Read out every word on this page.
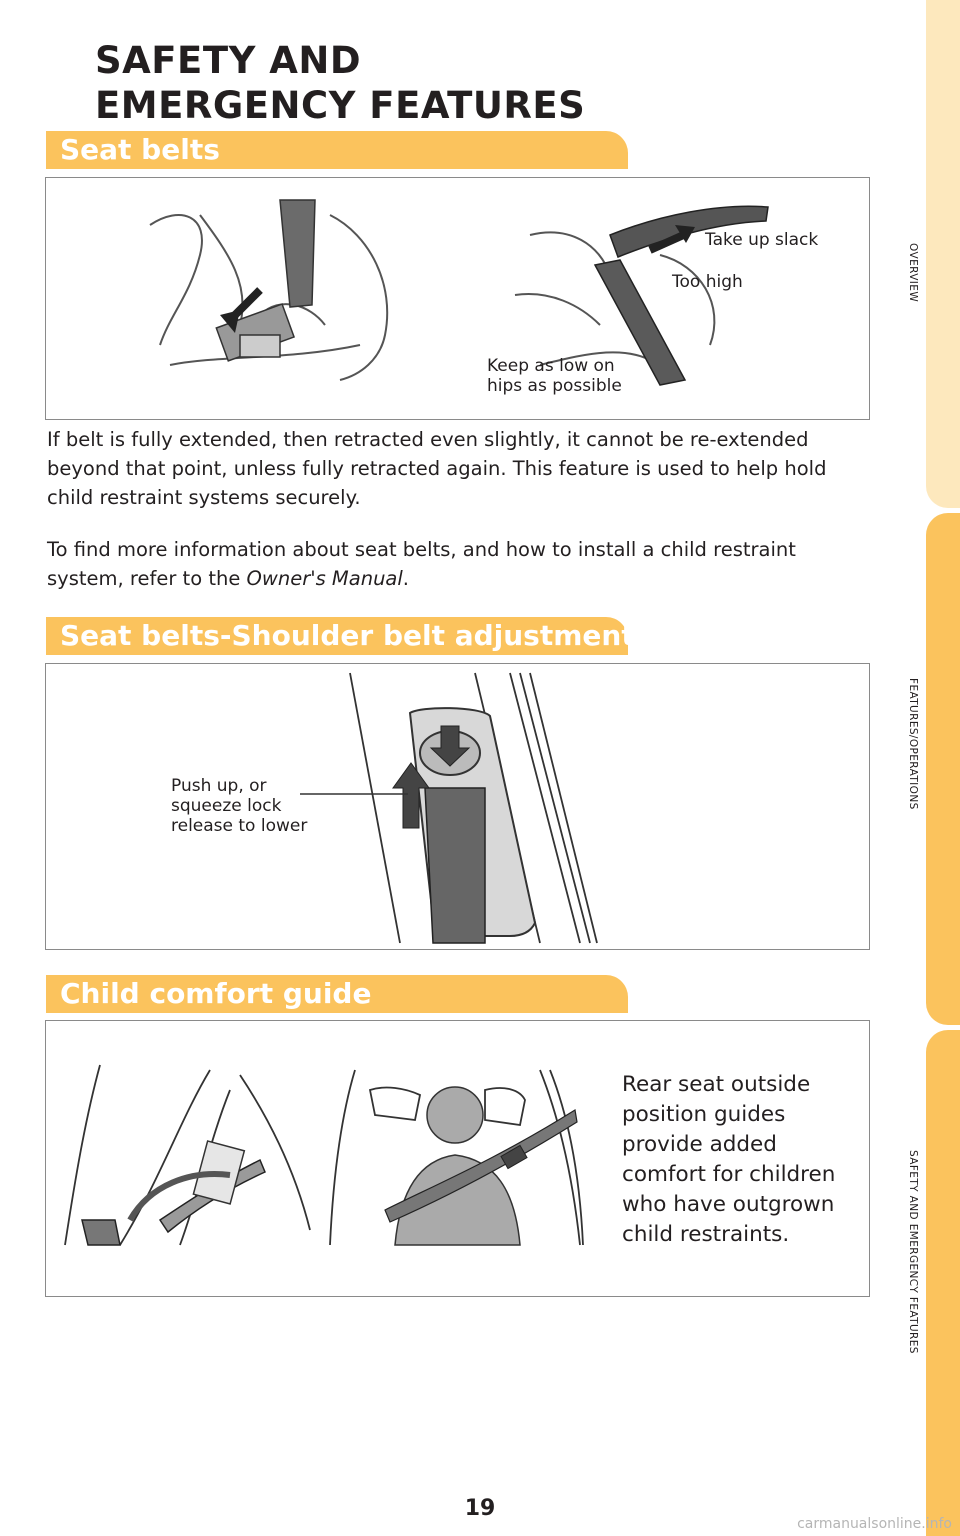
OVERVIEW
FEATURES/OPERATIONS
SAFETY AND EMERGENCY FEATURES
SAFETY AND
EMERGENCY FEATURES
Seat belts
Take up slack
Too high
Keep as low on
hips as possible

If belt is fully extended, then retracted even slightly, it cannot be re-extended beyond that point, unless fully retracted again. This feature is used to help hold child restraint systems securely.

To find more information about seat belts, and how to install a child restraint system, refer to the Owner's Manual.

Seat belts-Shoulder belt adjustment
Push up, or
squeeze lock
release to lower
Child comfort guide
Rear seat outside position guides provide added comfort for children who have outgrown child restraints.
19
carmanualsonline.info
